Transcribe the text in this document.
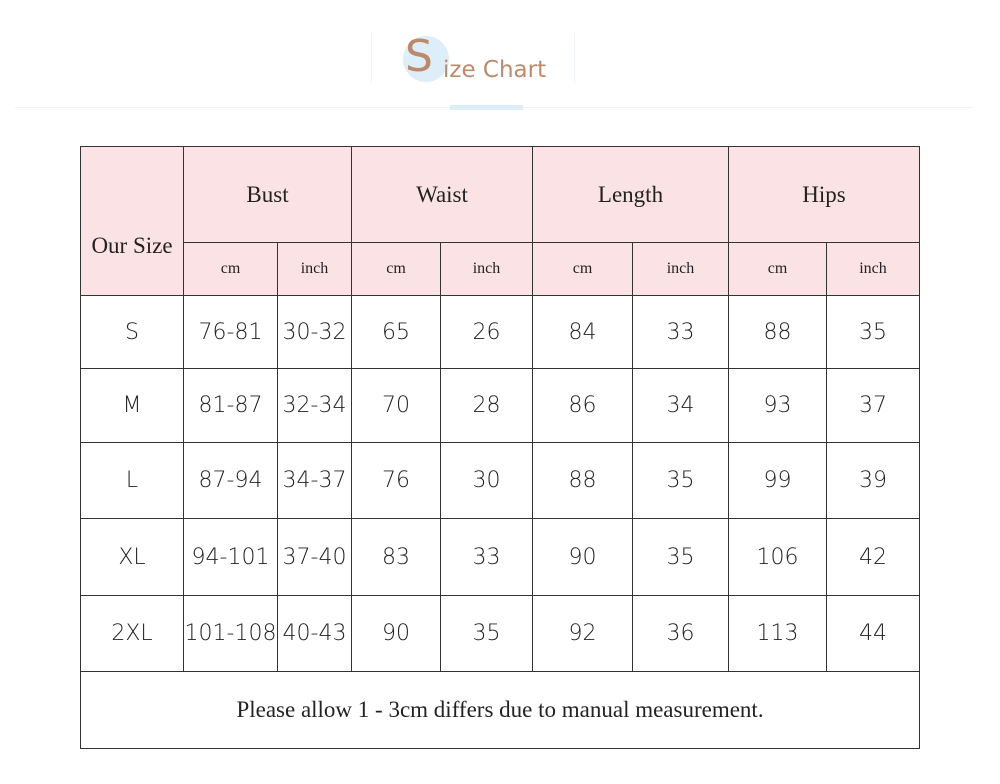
S ize Chart
Our Size	Bust		Waist		Length		Hips	
	cm	inch	cm	inch	cm	inch	cm	inch
S	76-81	30-32	65	26	84	33	88	35
M	81-87	32-34	70	28	86	34	93	37
L	87-94	34-37	76	30	88	35	99	39
XL	94-101	37-40	83	33	90	35	106	42
2XL	101-108	40-43	90	35	92	36	113	44
Please allow 1 - 3cm differs due to manual measurement.								
